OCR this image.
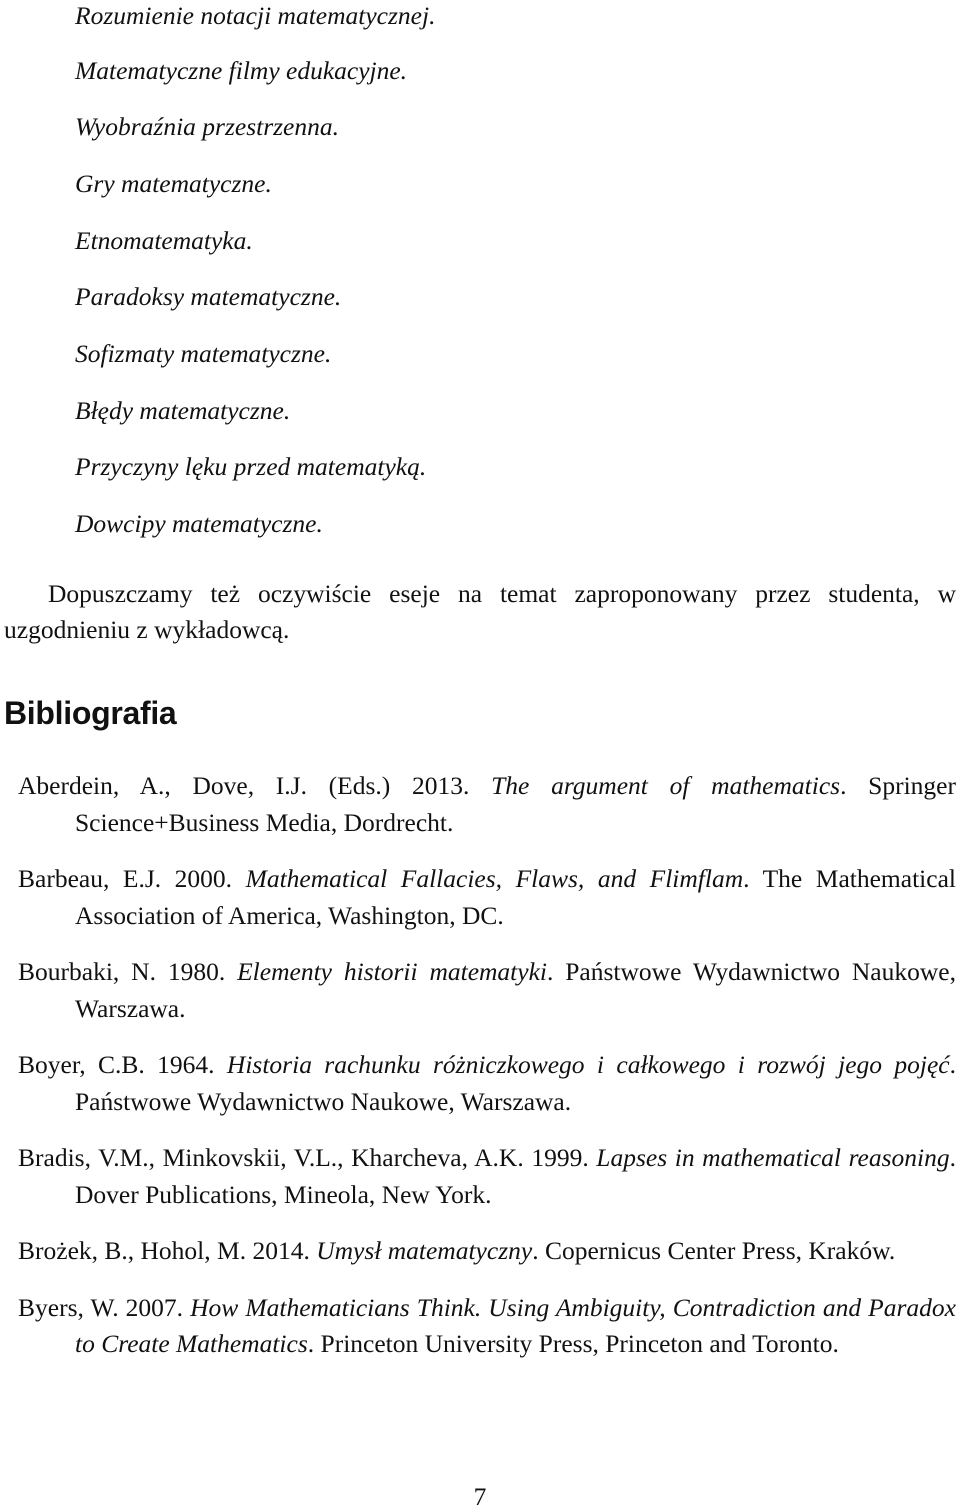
Rozumienie notacji matematycznej.
Matematyczne filmy edukacyjne.
Wyobraźnia przestrzenna.
Gry matematyczne.
Etnomatematyka.
Paradoksy matematyczne.
Sofizmaty matematyczne.
Błędy matematyczne.
Przyczyny lęku przed matematyką.
Dowcipy matematyczne.

Dopuszczamy też oczywiście eseje na temat zaproponowany przez studenta, w uzgodnieniu z wykładowcą.

Bibliografia
Aberdein, A., Dove, I.J. (Eds.) 2013. The argument of mathematics. Springer Science+Business Media, Dordrecht.
Barbeau, E.J. 2000. Mathematical Fallacies, Flaws, and Flimflam. The Mathematical Association of America, Washington, DC.
Bourbaki, N. 1980. Elementy historii matematyki. Państwowe Wydawnictwo Naukowe, Warszawa.
Boyer, C.B. 1964. Historia rachunku różniczkowego i całkowego i rozwój jego pojęć. Państwowe Wydawnictwo Naukowe, Warszawa.
Bradis, V.M., Minkovskii, V.L., Kharcheva, A.K. 1999. Lapses in mathematical reasoning. Dover Publications, Mineola, New York.
Brożek, B., Hohol, M. 2014. Umysł matematyczny. Copernicus Center Press, Kraków.
Byers, W. 2007. How Mathematicians Think. Using Ambiguity, Contradiction and Paradox to Create Mathematics. Princeton University Press, Princeton and Toronto.
7
